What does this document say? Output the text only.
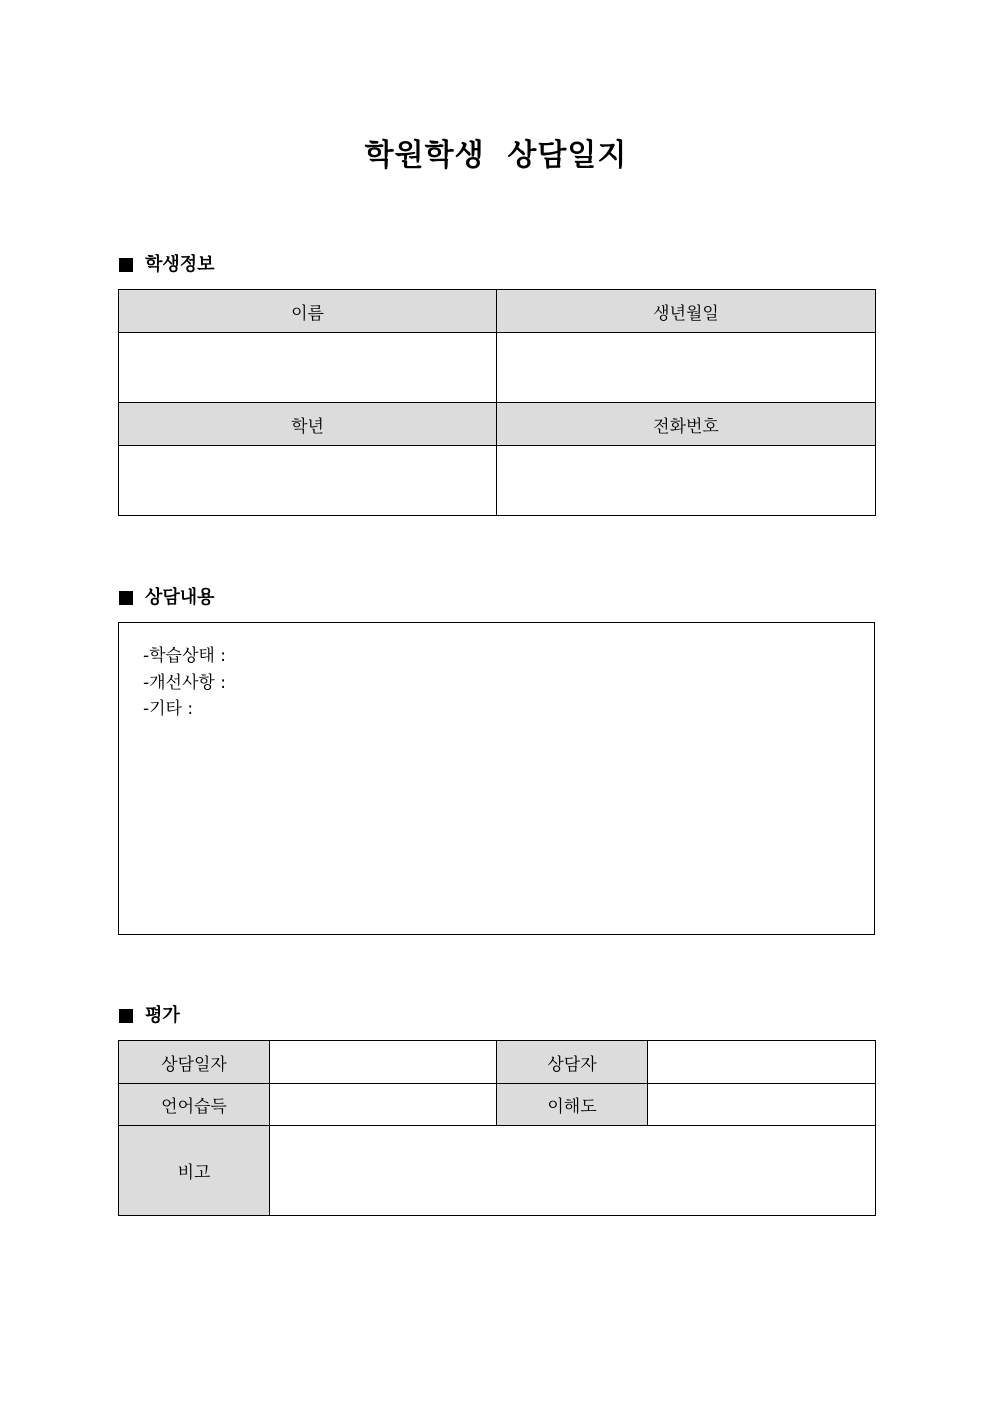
학원학생  상담일지
학생정보
이름	생년월일

학년	전화번호

상담내용
-학습상태 :
-개선사항 :
-기타 :
평가
상담일자		상담자	
언어습득		이해도	
비고			
